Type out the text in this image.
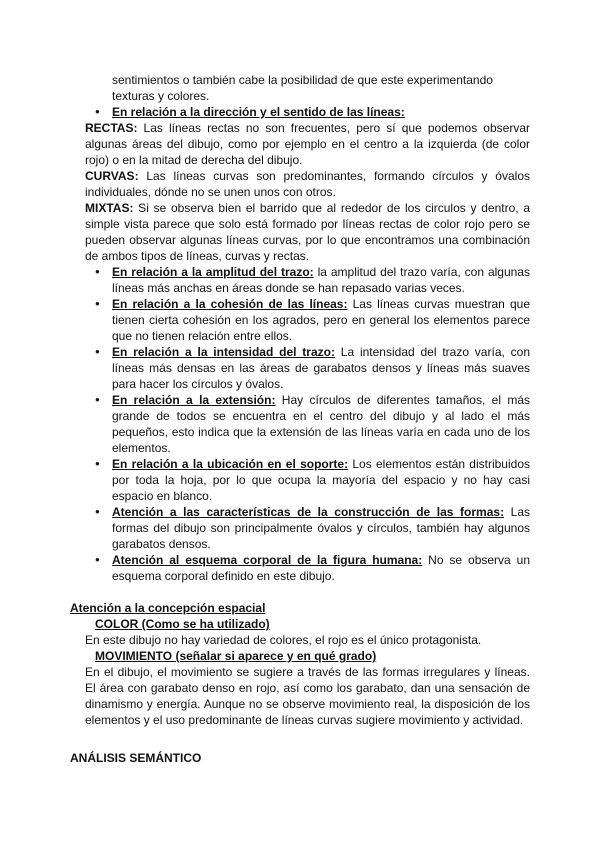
sentimientos o también cabe la posibilidad de que este experimentando texturas y colores.

●	En relación a la dirección y el sentido de las líneas:

RECTAS: Las líneas rectas no son frecuentes, pero sí que podemos observar algunas áreas del dibujo, como por ejemplo en el centro a la izquierda (de color rojo) o en la mitad de derecha del dibujo.

CURVAS: Las líneas curvas son predominantes, formando círculos y óvalos individuales, dónde no se unen unos con otros.

MIXTAS: Si se observa bien el barrido que al rededor de los circulos y dentro, a simple vista parece que solo está formado por líneas rectas de color rojo pero se pueden observar algunas líneas curvas, por lo que encontramos una combinación de ambos tipos de líneas, curvas y rectas.

●	En relación a la amplitud del trazo: la amplitud del trazo varía, con algunas líneas más anchas en áreas donde se han repasado varias veces.
●	En relación a la cohesión de las líneas: Las líneas curvas muestran que tienen cierta cohesión en los agrados, pero en general los elementos parece que no tienen relación entre ellos.
●	En relación a la intensidad del trazo: La intensidad del trazo varía, con líneas más densas en las áreas de garabatos densos y líneas más suaves para hacer los círculos y óvalos.
●	En relación a la extensión: Hay círculos de diferentes tamaños, el más grande de todos se encuentra en el centro del dibujo y al lado el más pequeños, esto indica que la extensión de las líneas varía en cada uno de los elementos.
●	En relación a la ubicación en el soporte: Los elementos están distribuidos por toda la hoja, por lo que ocupa la mayoría del espacio y no hay casi espacio en blanco.
●	Atención a las características de la construcción de las formas: Las formas del dibujo son principalmente óvalos y círculos, también hay algunos garabatos densos.
●	Atención al esquema corporal de la figura humana: No se observa un esquema corporal definido en este dibujo.

Atención a la concepción espacial

COLOR (Como se ha utilizado)

En este dibujo no hay variedad de colores, el rojo es el único protagonista.

MOVIMIENTO (señalar si aparece y en qué grado)

En el dibujo, el movimiento se sugiere a través de las formas irregulares y líneas. El área con garabato denso en rojo, así como los garabato, dan una sensación de dinamismo y energía. Aunque no se observe movimiento real, la disposición de los elementos y el uso predominante de líneas curvas sugiere movimiento y actividad.

ANÁLISIS SEMÁNTICO
